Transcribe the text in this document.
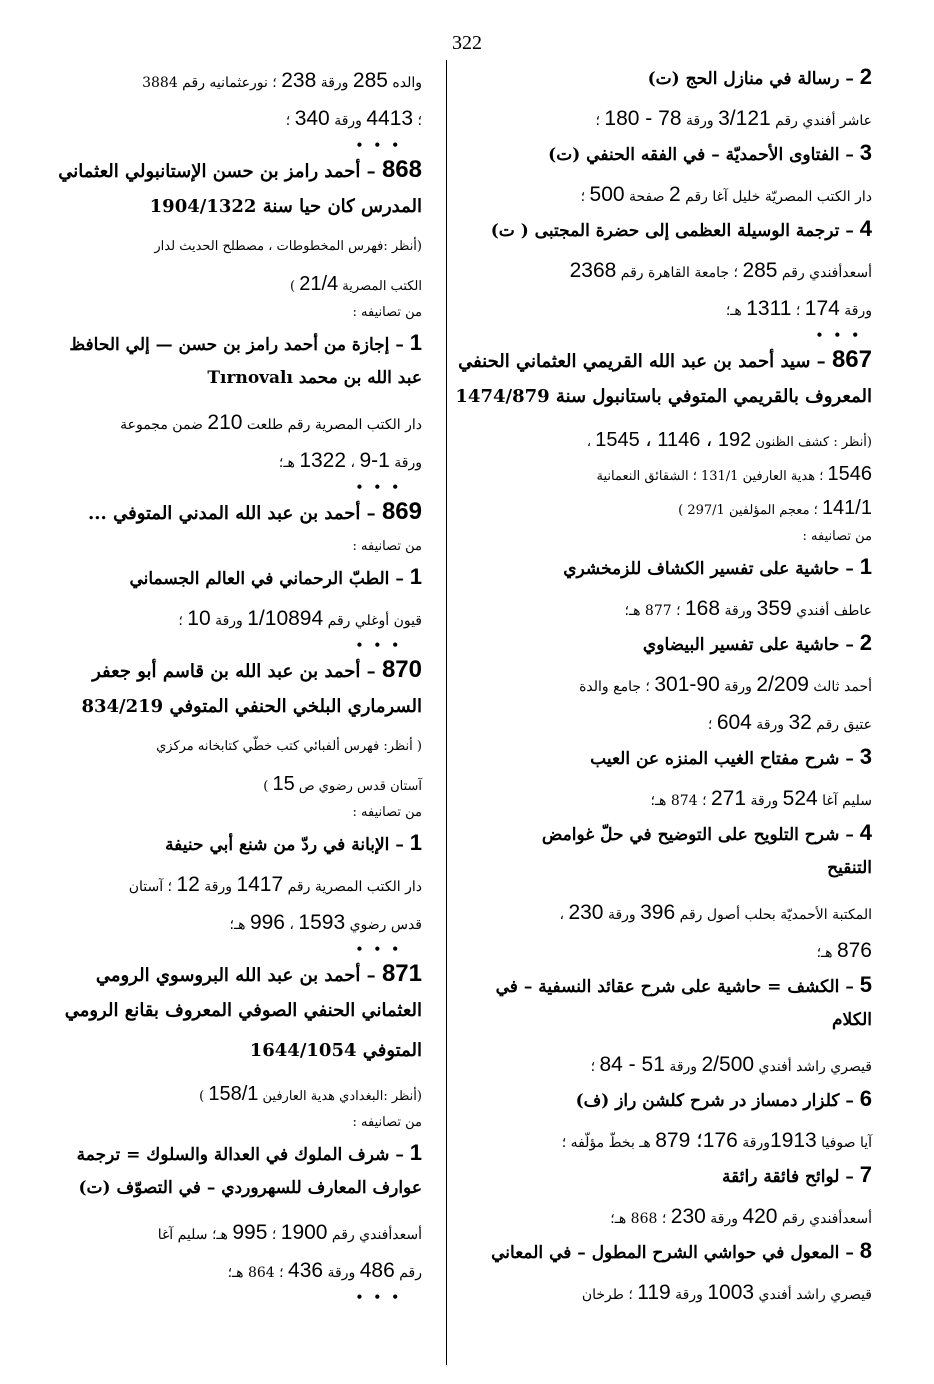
322
2 – رسالة في منازل الحج (ت)
عاشر أفندي رقم 3/121 ورقة 78 - 180 ؛
3 – الفتاوى الأحمديّة – في الفقه الحنفي (ت)
دار الكتب المصريّة خليل آغا رقم 2 صفحة 500 ؛
4 – ترجمة الوسيلة العظمى إلى حضرة المجتبى ( ت)
أسعدأفندي رقم 285 ؛ جامعة القاهرة رقم 2368
ورقة 174 ؛ 1311 هـ؛
• • •
867 – سيد أحمد بن عبد الله القريمي العثماني الحنفي
المعروف بالقريمي المتوفي باستانبول سنة 1474/879
(أنظر : كشف الظنون 192 ، 1146 ، 1545 ،
1546 ؛ هدية العارفين 131/1 ؛ الشقائق النعمانية
141/1 ؛ معجم المؤلفين 297/1 )
من تصانيفه :
1 – حاشية على تفسير الكشاف للزمخشري
عاطف أفندي 359 ورقة 168 ؛ 877 هـ؛
2 – حاشية على تفسير البيضاوي
أحمد ثالث 2/209 ورقة 90-301 ؛ جامع والدة
عتيق رقم 32 ورقة 604 ؛
3 – شرح مفتاح الغيب المنزه عن العيب
سليم آغا 524 ورقة 271 ؛ 874 هـ؛
4 – شرح التلويح على التوضيح في حلّ غوامض
التنقيح
المكتبة الأحمديّة بحلب أصول رقم 396 ورقة 230 ،
876 هـ؛
5 – الكشف = حاشية على شرح عقائد النسفية – في
الكلام
قيصري راشد أفندي 2/500 ورقة 51 - 84 ؛
6 – كلزار دمساز در شرح كلشن راز (ف)
آيا صوفيا 1913ورقة 176؛ 879 هـ بخطّ مؤلّفه ؛
7 – لوائح فائقة رائقة
أسعدأفندي رقم 420 ورقة 230 ؛ 868 هـ؛
8 – المعول في حواشي الشرح المطول – في المعاني
قيصري راشد أفندي 1003 ورقة 119 ؛ طرخان
والده 285 ورقة 238 ؛ نورعثمانيه رقم 3884
؛ 4413 ورقة 340 ؛
• • •
868 – أحمد رامز بن حسن الإستانبولي العثماني
المدرس كان حيا سنة 1904/1322
(أنظر :فهرس المخطوطات ، مصطلح الحديث لدار
الكتب المصرية 21/4 )
من تصانيفه :
1 – إجازة من أحمد رامز بن حسن — إلي الحافظ
عبد الله بن محمد Tırnovalı
دار الكتب المصرية رقم طلعت 210 ضمن مجموعة
ورقة 1-9 ، 1322 هـ؛
• • •
869 – أحمد بن عبد الله المدني المتوفي ...
من تصانيفه :
1 – الطبّ الرحماني في العالم الجسماني
قيون أوغلي رقم 1/10894 ورقة 10 ؛
• • •
870 – أحمد بن عبد الله بن قاسم أبو جعفر
السرماري البلخي الحنفي المتوفي 834/219
( أنظر: فهرس ألفبائي كتب خطّي كتابخانه مركزي
آستان قدس رضوي ص 15 )
من تصانيفه :
1 – الإبانة في ردّ من شنع أبي حنيفة
دار الكتب المصرية رقم 1417 ورقة 12 ؛ آستان
قدس رضوي 1593 ، 996 هـ؛
• • •
871 – أحمد بن عبد الله البروسوي الرومي
العثماني الحنفي الصوفي المعروف بقانع الرومي
المتوفي 1644/1054
(أنظر :البغدادي هدية العارفين 158/1 )
من تصانيفه :
1 – شرف الملوك في العدالة والسلوك = ترجمة
عوارف المعارف للسهروردي – في التصوّف (ت)
أسعدأفندي رقم 1900 ؛ 995 هـ؛ سليم آغا
رقم 486 ورقة 436 ؛ 864 هـ؛
• • •
